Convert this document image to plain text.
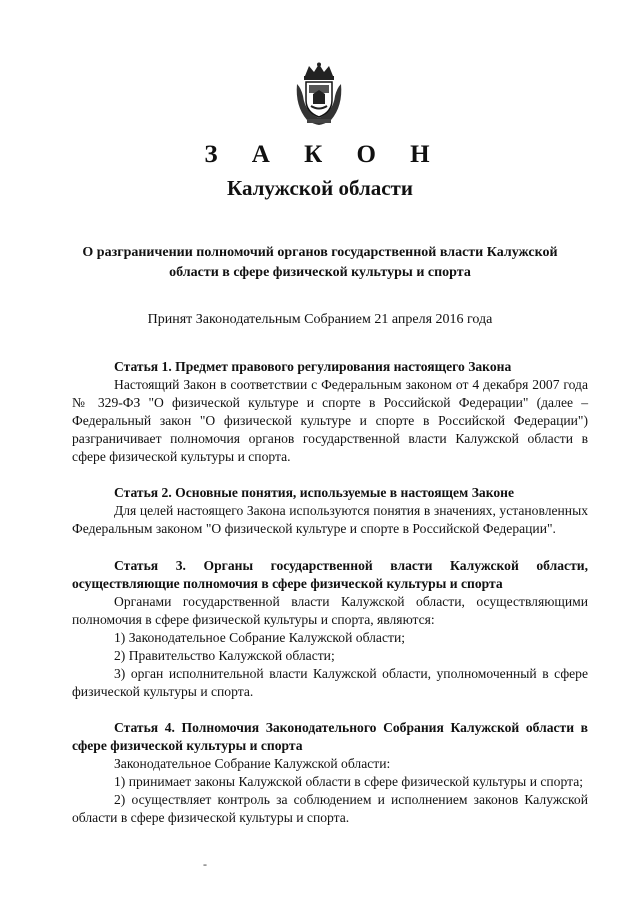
З А К О Н
Калужской области
О разграничении полномочий органов государственной власти Калужской области в сфере физической культуры и спорта
Принят Законодательным Собранием 21 апреля 2016 года
Статья 1. Предмет правового регулирования настоящего Закона

Настоящий Закон в соответствии с Федеральным законом от 4 декабря 2007 года № 329-ФЗ "О физической культуре и спорте в Российской Федерации" (далее – Федеральный закон "О физической культуре и спорте в Российской Федерации") разграничивает полномочия органов государственной власти Калужской области в сфере физической культуры и спорта.

Статья 2. Основные понятия, используемые в настоящем Законе

Для целей настоящего Закона используются понятия в значениях, установленных Федеральным законом "О физической культуре и спорте в Российской Федерации".

Статья 3. Органы государственной власти Калужской области, осуществляющие полномочия в сфере физической культуры и спорта

Органами государственной власти Калужской области, осуществляющими полномочия в сфере физической культуры и спорта, являются:

1) Законодательное Собрание Калужской области;

2) Правительство Калужской области;

3) орган исполнительной власти Калужской области, уполномоченный в сфере физической культуры и спорта.

Статья 4. Полномочия Законодательного Собрания Калужской области в сфере физической культуры и спорта

Законодательное Собрание Калужской области:

1) принимает законы Калужской области в сфере физической культуры и спорта;

2) осуществляет контроль за соблюдением и исполнением законов Калужской области в сфере физической культуры и спорта.

-
